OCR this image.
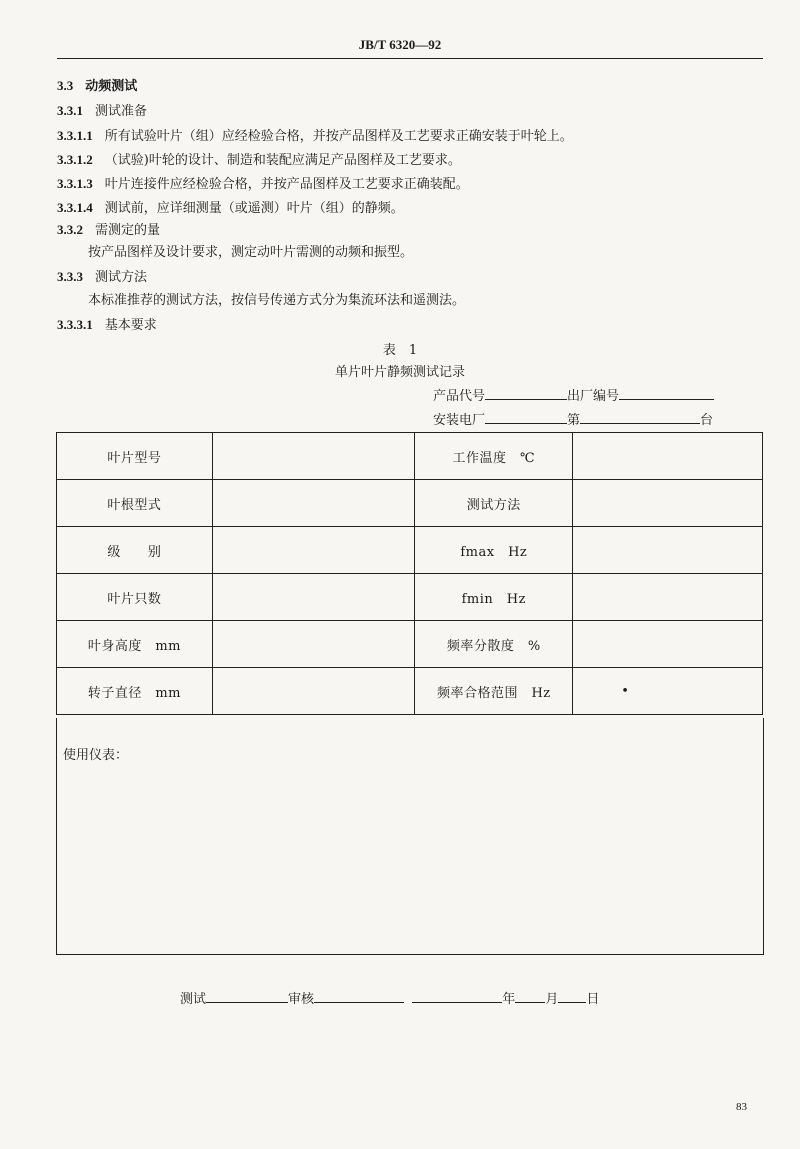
JB/T 6320—92
3.3 动频测试
3.3.1 测试准备
3.3.1.1 所有试验叶片（组）应经检验合格，并按产品图样及工艺要求正确安装于叶轮上。
3.3.1.2 （试验)叶轮的设计、制造和装配应满足产品图样及工艺要求。
3.3.1.3 叶片连接件应经检验合格，并按产品图样及工艺要求正确装配。
3.3.1.4 测试前，应详细测量（或遥测）叶片（组）的静频。
3.3.2 需测定的量
按产品图样及设计要求，测定动叶片需测的动频和振型。
3.3.3 测试方法
本标准推荐的测试方法，按信号传递方式分为集流环法和遥测法。
3.3.3.1 基本要求
表　1
单片叶片静频测试记录
产品代号	出厂编号
安装电厂	第	台
叶片型号		工作温度　℃	
叶根型式		测试方法	
级　　别		fmax　Hz	
叶片只数		fmin　Hz	
叶身高度　mm		频率分散度　%	
转子直径　mm		频率合格范围　Hz	•
使用仪表：
测试	审核	年 月 日
83
